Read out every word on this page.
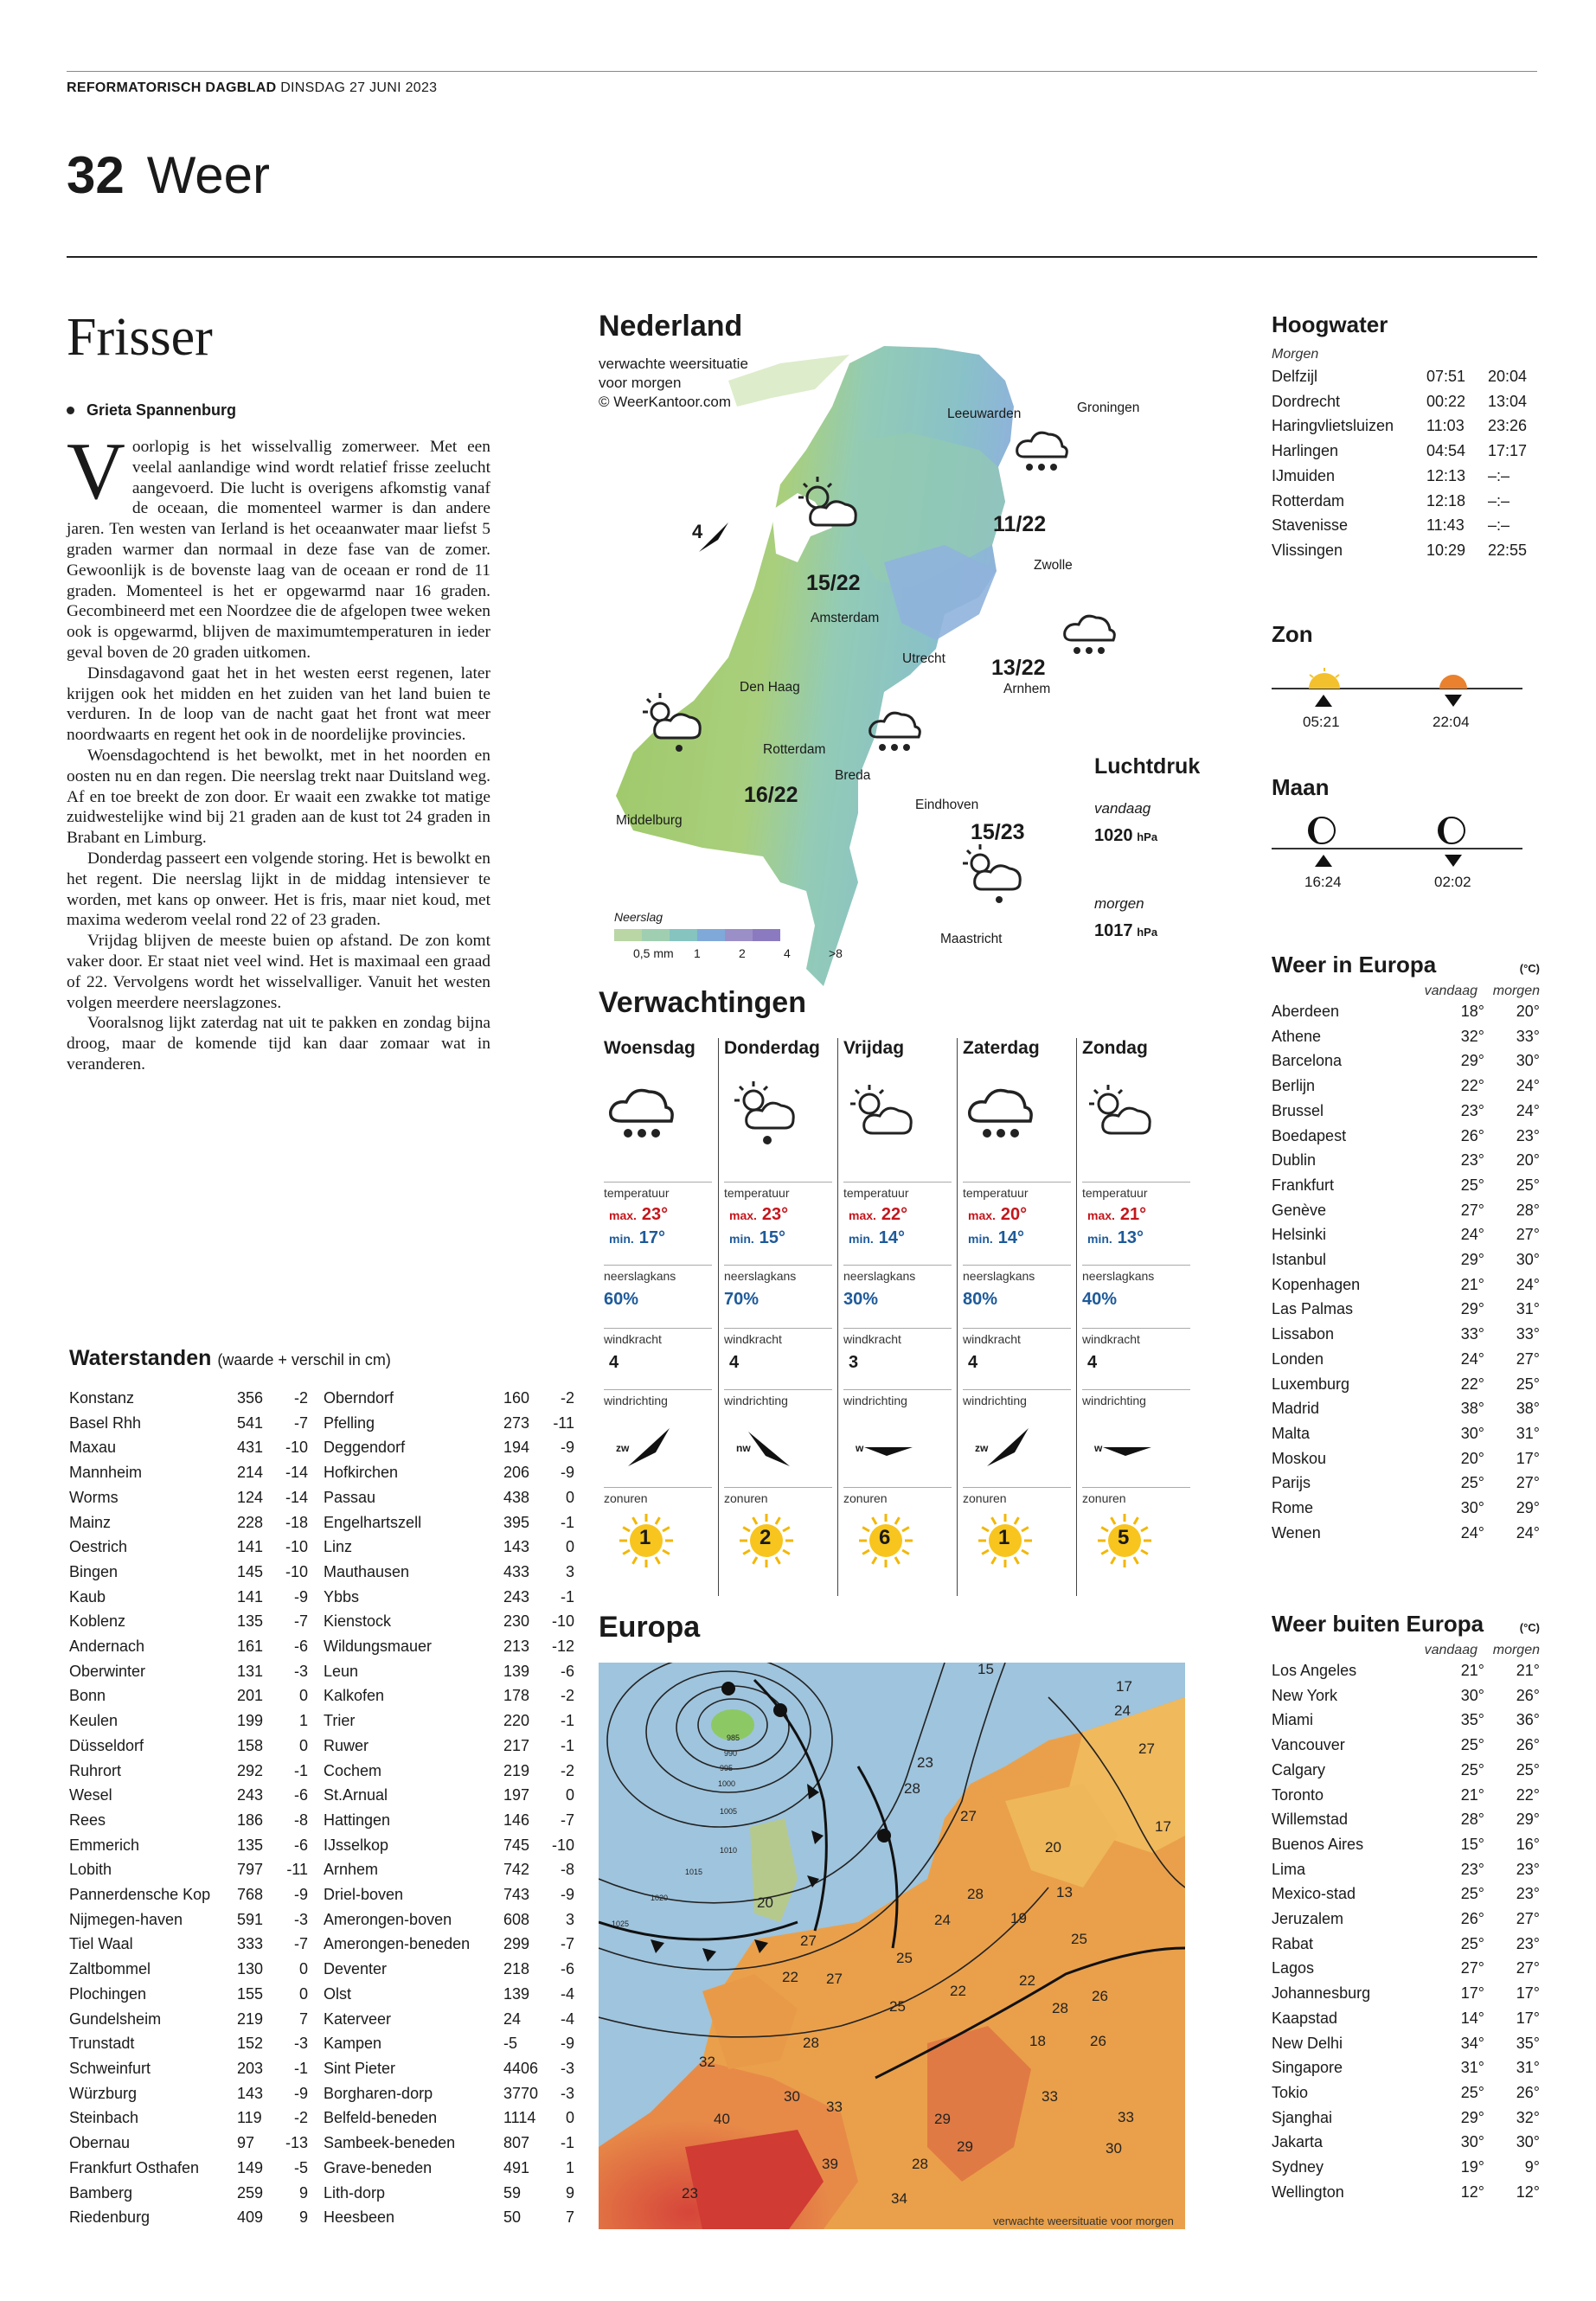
REFORMATORISCH DAGBLAD DINSDAG 27 JUNI 2023
32 Weer
Frisser
Grieta Spannenburg

Voorlopig is het wisselvallig zomerweer. Met een veelal aanlandige wind wordt relatief frisse zeelucht aangevoerd. Die lucht is overigens afkomstig vanaf de oceaan, die momenteel warmer is dan andere jaren. Ten westen van Ierland is het oceaanwater maar liefst 5 graden warmer dan normaal in deze fase van de zomer. Gewoonlijk is de bovenste laag van de oceaan er rond de 11 graden. Momenteel is het er opgewarmd naar 16 graden. Gecombineerd met een Noordzee die de afgelopen twee weken ook is opgewarmd, blijven de maximumtemperaturen in ieder geval boven de 20 graden uitkomen.

Dinsdagavond gaat het in het westen eerst regenen, later krijgen ook het midden en het zuiden van het land buien te verduren. In de loop van de nacht gaat het front wat meer noordwaarts en regent het ook in de noordelijke provincies.

Woensdagochtend is het bewolkt, met in het noorden en oosten nu en dan regen. Die neerslag trekt naar Duitsland weg. Af en toe breekt de zon door. Er waait een zwakke tot matige zuidwestelijke wind bij 21 graden aan de kust tot 24 graden in Brabant en Limburg.

Donderdag passeert een volgende storing. Het is bewolkt en het regent. Die neerslag lijkt in de middag intensiever te worden, met kans op onweer. Het is fris, maar niet koud, met maxima wederom veelal rond 22 of 23 graden.

Vrijdag blijven de meeste buien op afstand. De zon komt vaker door. Er staat niet veel wind. Het is maximaal een graad of 22. Vervolgens wordt het wisselvalliger. Vanuit het westen volgen meerdere neerslagzones.

Vooralsnog lijkt zaterdag nat uit te pakken en zondag bijna droog, maar de komende tijd kan daar zomaar wat in veranderen.

Nederland
verwachte weersituatie
voor morgen
© WeerKantoor.com
Leeuwarden	Groningen
Zwolle
Amsterdam
Utrecht
Arnhem
Den Haag
Rotterdam
Breda
Eindhoven
Middelburg
Maastricht
11/22
15/22
13/22
16/22
15/23
4
Neerslag
0,5 mm	1	2	4	>8
Luchtdruk
vandaag
1020 hPa
morgen
1017 hPa
Verwachtingen
Woensdag
temperatuur
max. 23°
min. 17°
neerslagkans
60%
windkracht
4
windrichting
zw
zonuren
1
Donderdag
temperatuur
max. 23°
min. 15°
neerslagkans
70%
windkracht
4
windrichting
nw
zonuren
2
Vrijdag
temperatuur
max. 22°
min. 14°
neerslagkans
30%
windkracht
3
windrichting
w
zonuren
6
Zaterdag
temperatuur
max. 20°
min. 14°
neerslagkans
80%
windkracht
4
windrichting
zw
zonuren
1
Zondag
temperatuur
max. 21°
min. 13°
neerslagkans
40%
windkracht
4
windrichting
w
zonuren
5
Europa
985
990
995
1000
1005
1010
1015
1020
1025
verwachte weersituatie voor morgen
Hoogwater
Morgen
Delfzijl	07:51	20:04
Dordrecht	00:22	13:04
Haringvlietsluizen	11:03	23:26
Harlingen	04:54	17:17
IJmuiden	12:13	–:–
Rotterdam	12:18	–:–
Stavenisse	11:43	–:–
Vlissingen	10:29	22:55
Zon
05:21	22:04
Maan
16:24	02:02
Weer in Europa	(°C)
vandaag	morgen
Aberdeen	18°	20°
Athene	32°	33°
Barcelona	29°	30°
Berlijn	22°	24°
Brussel	23°	24°
Boedapest	26°	23°
Dublin	23°	20°
Frankfurt	25°	25°
Genève	27°	28°
Helsinki	24°	27°
Istanbul	29°	30°
Kopenhagen	21°	24°
Las Palmas	29°	31°
Lissabon	33°	33°
Londen	24°	27°
Luxemburg	22°	25°
Madrid	38°	38°
Malta	30°	31°
Moskou	20°	17°
Parijs	25°	27°
Rome	30°	29°
Wenen	24°	24°
Weer buiten Europa	(°C)
vandaag	morgen
Los Angeles	21°	21°
New York	30°	26°
Miami	35°	36°
Vancouver	25°	26°
Calgary	25°	25°
Toronto	21°	22°
Willemstad	28°	29°
Buenos Aires	15°	16°
Lima	23°	23°
Mexico-stad	25°	23°
Jeruzalem	26°	27°
Rabat	25°	23°
Lagos	27°	27°
Johannesburg	17°	17°
Kaapstad	14°	17°
New Delhi	34°	35°
Singapore	31°	31°
Tokio	25°	26°
Sjanghai	29°	32°
Jakarta	30°	30°
Sydney	19°	9°
Wellington	12°	12°
Waterstanden (waarde + verschil in cm)
Konstanz	356	-2
Basel Rhh	541	-7
Maxau	431	-10
Mannheim	214	-14
Worms	124	-14
Mainz	228	-18
Oestrich	141	-10
Bingen	145	-10
Kaub	141	-9
Koblenz	135	-7
Andernach	161	-6
Oberwinter	131	-3
Bonn	201	0
Keulen	199	1
Düsseldorf	158	0
Ruhrort	292	-1
Wesel	243	-6
Rees	186	-8
Emmerich	135	-6
Lobith	797	-11
Pannerdensche Kop	768	-9
Nijmegen-haven	591	-3
Tiel Waal	333	-7
Zaltbommel	130	0
Plochingen	155	0
Gundelsheim	219	7
Trunstadt	152	-3
Schweinfurt	203	-1
Würzburg	143	-9
Steinbach	119	-2
Obernau	97	-13
Frankfurt Osthafen	149	-5
Bamberg	259	9
Riedenburg	409	9
Oberndorf	160	-2
Pfelling	273	-11
Deggendorf	194	-9
Hofkirchen	206	-9
Passau	438	0
Engelhartszell	395	-1
Linz	143	0
Mauthausen	433	3
Ybbs	243	-1
Kienstock	230	-10
Wildungsmauer	213	-12
Leun	139	-6
Kalkofen	178	-2
Trier	220	-1
Ruwer	217	-1
Cochem	219	-2
St.Arnual	197	0
Hattingen	146	-7
IJsselkop	745	-10
Arnhem	742	-8
Driel-boven	743	-9
Amerongen-boven	608	3
Amerongen-beneden	299	-7
Deventer	218	-6
Olst	139	-4
Katerveer	24	-4
Kampen	-5	-9
Sint Pieter	4406	-3
Borgharen-dorp	3770	-3
Belfeld-beneden	1114	0
Sambeek-beneden	807	-1
Grave-beneden	491	1
Lith-dorp	59	9
Heesbeen	50	7
24
27
23
28
27
17
20
13
28
20
27
24	19
25
25
22	22
27
22	26
28
28
25
18	26
32
30	33
29
40	33
29
33
30
39	28
34
23
15
17
